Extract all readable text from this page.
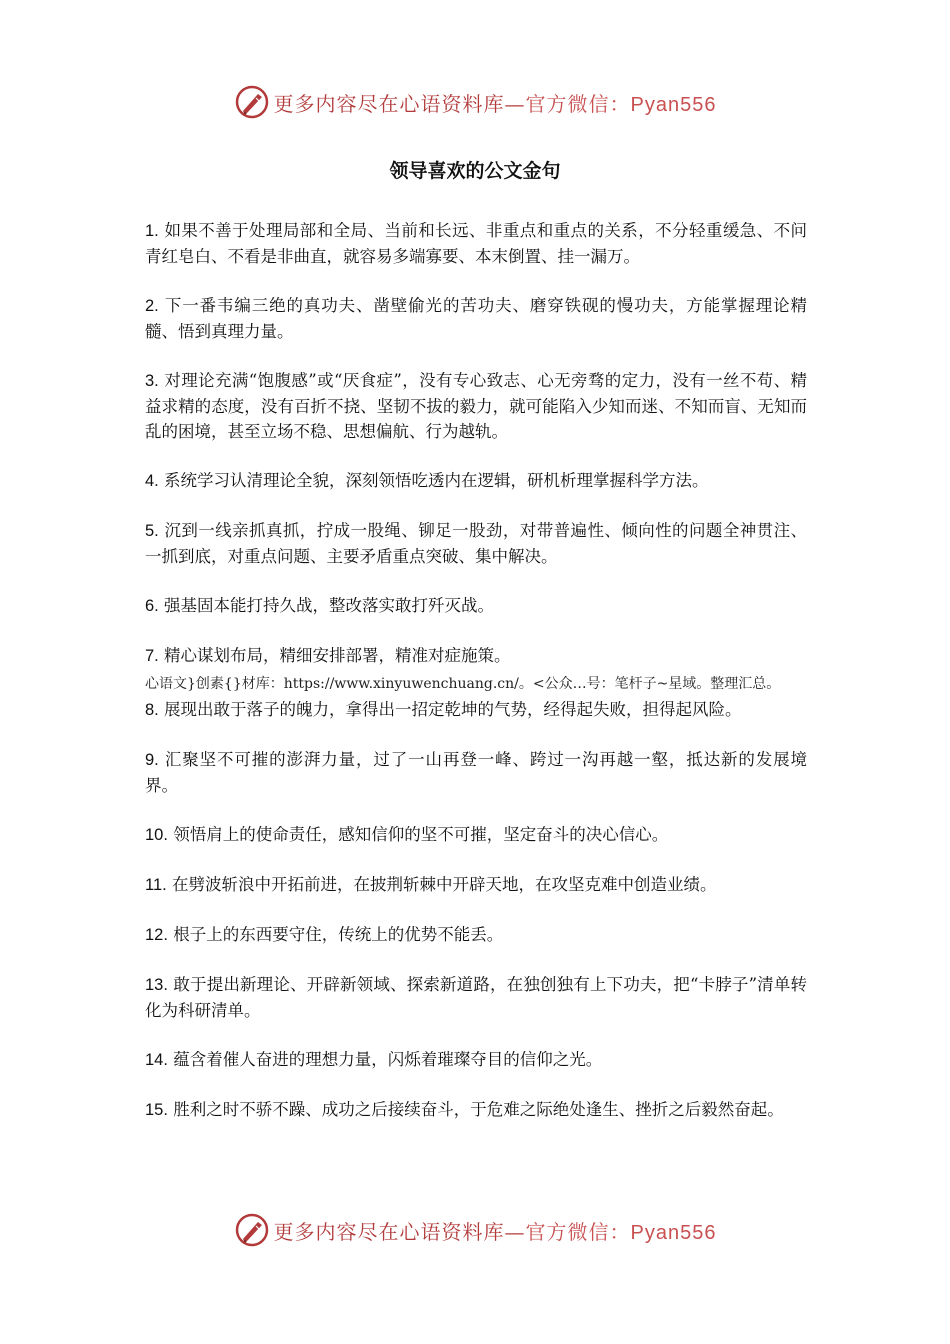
更多内容尽在心语资料库—官方微信：Pyan556
领导喜欢的公文金句

1. 如果不善于处理局部和全局、当前和长远、非重点和重点的关系，不分轻重缓急、不问青红皂白、不看是非曲直，就容易多端寡要、本末倒置、挂一漏万。

2. 下一番韦编三绝的真功夫、凿壁偷光的苦功夫、磨穿铁砚的慢功夫，方能掌握理论精髓、悟到真理力量。

3. 对理论充满“饱腹感”或“厌食症”，没有专心致志、心无旁骛的定力，没有一丝不苟、精益求精的态度，没有百折不挠、坚韧不拔的毅力，就可能陷入少知而迷、不知而盲、无知而乱的困境，甚至立场不稳、思想偏航、行为越轨。

4. 系统学习认清理论全貌，深刻领悟吃透内在逻辑，研机析理掌握科学方法。

5. 沉到一线亲抓真抓，拧成一股绳、铆足一股劲，对带普遍性、倾向性的问题全神贯注、一抓到底，对重点问题、主要矛盾重点突破、集中解决。

6. 强基固本能打持久战，整改落实敢打歼灭战。

7. 精心谋划布局，精细安排部署，精准对症施策。

心语文}创素{}材库：https://www.xinyuwenchuang.cn/。<公众…号：笔杆子~星域。整理汇总。

8. 展现出敢于落子的魄力，拿得出一招定乾坤的气势，经得起失败，担得起风险。

9. 汇聚坚不可摧的澎湃力量，过了一山再登一峰、跨过一沟再越一壑，抵达新的发展境界。

10. 领悟肩上的使命责任，感知信仰的坚不可摧，坚定奋斗的决心信心。

11. 在劈波斩浪中开拓前进，在披荆斩棘中开辟天地，在攻坚克难中创造业绩。

12. 根子上的东西要守住，传统上的优势不能丢。

13. 敢于提出新理论、开辟新领域、探索新道路，在独创独有上下功夫，把“卡脖子”清单转化为科研清单。

14. 蕴含着催人奋进的理想力量，闪烁着璀璨夺目的信仰之光。

15. 胜利之时不骄不躁、成功之后接续奋斗，于危难之际绝处逢生、挫折之后毅然奋起。

更多内容尽在心语资料库—官方微信：Pyan556
